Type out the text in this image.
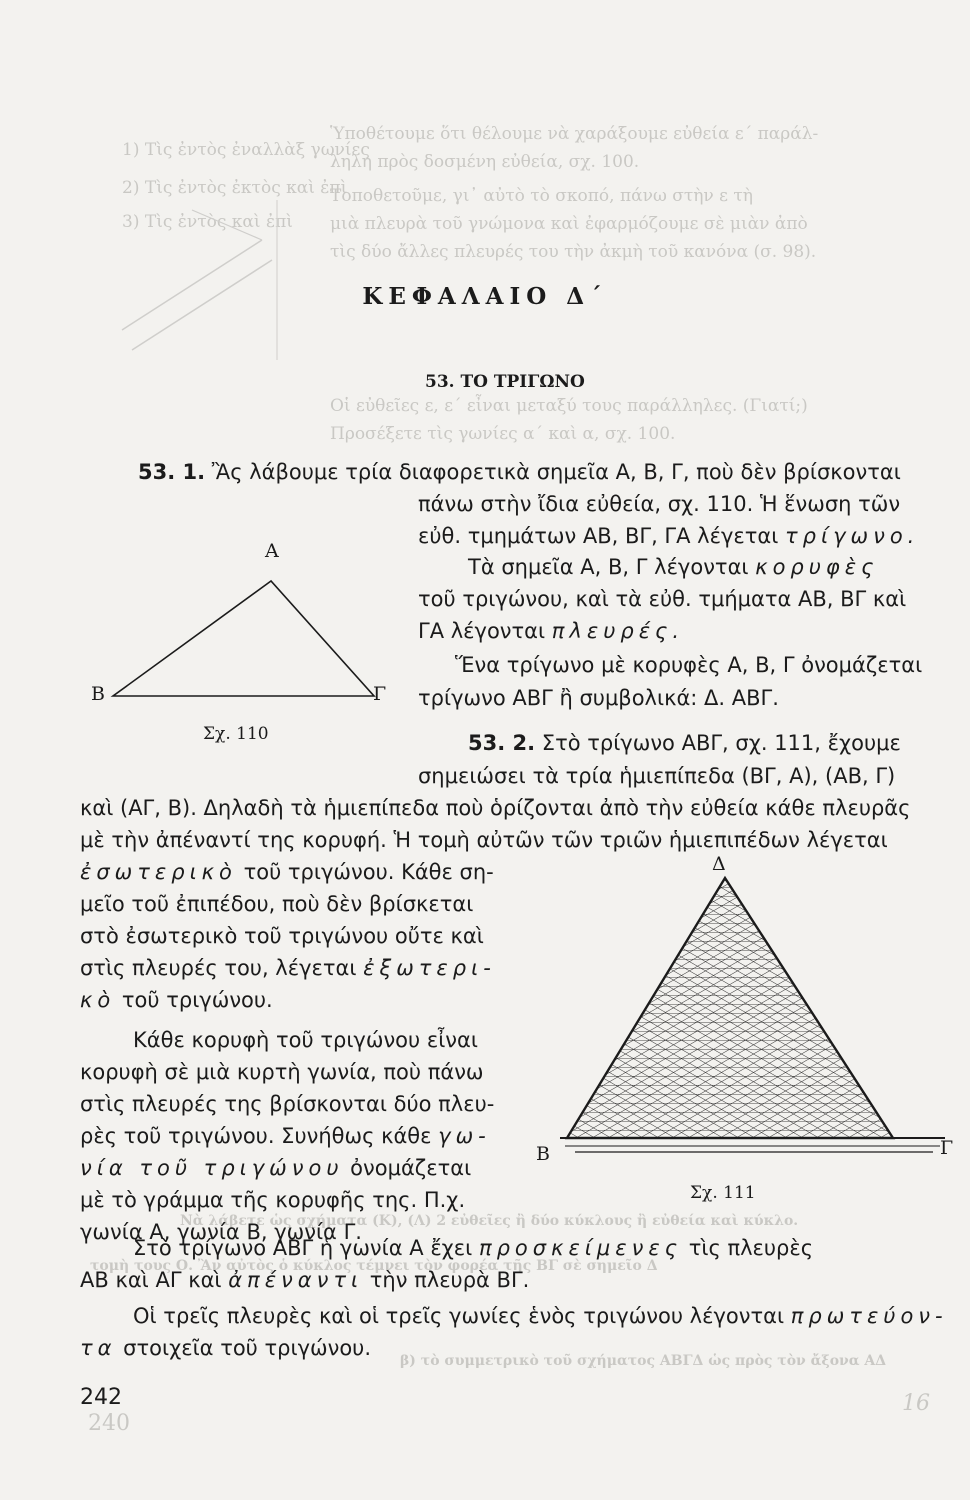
Ὑποθέτουμε ὅτι θέλουμε νὰ χαράξουμε εὐθεία ε΄ παράλ-
ληλη πρὸς δοσμένη εὐθεία, σχ. 100.
Τοποθετοῦμε, γι᾽ αὐτὸ τὸ σκοπό, πάνω στὴν ε τὴ
μιὰ πλευρὰ τοῦ γνώμονα καὶ ἐφαρμόζουμε σὲ μιὰν ἀπὸ
τὶς δύο ἄλλες πλευρές του τὴν ἀκμὴ τοῦ κανόνα (σ. 98).
Οἱ εὐθεῖες ε, ε΄ εἶναι μεταξύ τους παράλληλες. (Γιατί;)
Προσέξετε τὶς γωνίες α΄ καὶ α, σχ. 100.
1) Τὶς ἐντὸς ἐναλλὰξ γωνίες
2) Τὶς ἐντὸς ἐκτὸς καὶ ἐπὶ
3) Τὶς ἐντὸς καὶ ἐπὶ
Νὰ λάβετε ὡς σχήματα (Κ), (Λ) 2 εὐθεῖες ἢ δύο κύκλους ἢ εὐθεία καὶ κύκλο.
τομὴ τους Ο. Ἂν αὐτὸς ὁ κύκλος τέμνει τὸν φορέα τῆς ΒΓ σὲ σημεῖο Δ
β) τὸ συμμετρικὸ τοῦ σχήματος ΑΒΓΔ ὡς πρὸς τὸν ἄξονα ΑΔ
240
16
ΚΕΦΑΛΑΙΟ Δ΄
53. ΤΟ ΤΡΙΓΩΝΟ
53. 1. Ἂς λάβουμε τρία διαφορετικὰ σημεῖα Α, Β, Γ, ποὺ δὲν βρίσκονται
πάνω στὴν ἴδια εὐθεία, σχ. 110. Ἡ ἕνωση τῶν
εὐθ. τμημάτων ΑΒ, ΒΓ, ΓΑ λέγεται τρίγωνο.
Τὰ σημεῖα Α, Β, Γ λέγονται κορυφὲς
τοῦ τριγώνου, καὶ τὰ εὐθ. τμήματα ΑΒ, ΒΓ καὶ
ΓΑ λέγονται πλευρές.
Ἕνα τρίγωνο μὲ κορυφὲς Α, Β, Γ ὀνομάζεται
τρίγωνο ΑΒΓ ἢ συμβολικά: Δ. ΑΒΓ.
Α
Β	Γ
Σχ. 110	53. 2. Στὸ τρίγωνο ΑΒΓ, σχ. 111, ἔχουμε
σημειώσει τὰ τρία ἡμιεπίπεδα (ΒΓ, Α), (ΑΒ, Γ)
καὶ (ΑΓ, Β). Δηλαδὴ τὰ ἡμιεπίπεδα ποὺ ὁρίζονται ἀπὸ τὴν εὐθεία κάθε πλευρᾶς
μὲ τὴν ἀπέναντί της κορυφή. Ἡ τομὴ αὐτῶν τῶν τριῶν ἡμιεπιπέδων λέγεται
ἐσωτερικὸ τοῦ τριγώνου. Κάθε ση-
μεῖο τοῦ ἐπιπέδου, ποὺ δὲν βρίσκεται
στὸ ἐσωτερικὸ τοῦ τριγώνου οὔτε καὶ
στὶς πλευρές του, λέγεται ἐξωτερι-
κὸ τοῦ τριγώνου.
Κάθε κορυφὴ τοῦ τριγώνου εἶναι
κορυφὴ σὲ μιὰ κυρτὴ γωνία, ποὺ πάνω
στὶς πλευρές της βρίσκονται δύο πλευ-
ρὲς τοῦ τριγώνου. Συνήθως κάθε γω-
νία τοῦ τριγώνου ὀνομάζεται
μὲ τὸ γράμμα τῆς κορυφῆς της. Π.χ.
γωνία Α, γωνία Β, γωνία Γ.
Δ
Β	Γ
Σχ. 111
Στὸ τρίγωνο ΑΒΓ ἡ γωνία Α ἔχει προσκείμενες τὶς πλευρὲς
ΑΒ καὶ ΑΓ καὶ ἀπέναντι τὴν πλευρὰ ΒΓ.
Οἱ τρεῖς πλευρὲς καὶ οἱ τρεῖς γωνίες ἑνὸς τριγώνου λέγονται πρωτεύον-
τα στοιχεῖα τοῦ τριγώνου.
242
